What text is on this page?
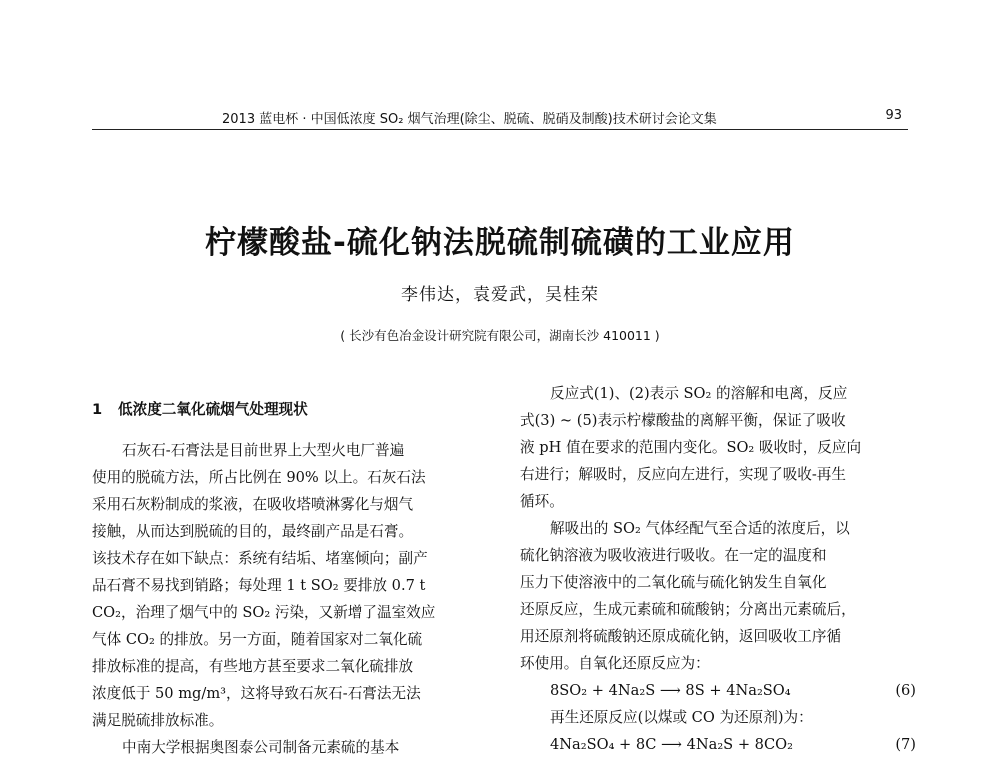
2013 蓝电杯 · 中国低浓度 SO₂ 烟气治理(除尘、脱硫、脱硝及制酸)技术研讨会论文集	93
柠檬酸盐-硫化钠法脱硫制硫磺的工业应用
李伟达，袁爱武，吴桂荣
( 长沙有色冶金设计研究院有限公司，湖南长沙 410011 )
1 低浓度二氧化硫烟气处理现状
石灰石-石膏法是目前世界上大型火电厂普遍
使用的脱硫方法，所占比例在 90% 以上。石灰石法
采用石灰粉制成的浆液，在吸收塔喷淋雾化与烟气
接触，从而达到脱硫的目的，最终副产品是石膏。
该技术存在如下缺点：系统有结垢、堵塞倾向；副产
品石膏不易找到销路；每处理 1 t SO₂ 要排放 0.7 t
CO₂，治理了烟气中的 SO₂ 污染，又新增了温室效应
气体 CO₂ 的排放。另一方面，随着国家对二氧化硫
排放标准的提高，有些地方甚至要求二氧化硫排放
浓度低于 50 mg/m³，这将导致石灰石-石膏法无法
满足脱硫排放标准。
中南大学根据奥图泰公司制备元素硫的基本
反应式(1)、(2)表示 SO₂ 的溶解和电离，反应
式(3) ~ (5)表示柠檬酸盐的离解平衡，保证了吸收
液 pH 值在要求的范围内变化。SO₂ 吸收时，反应向
右进行；解吸时，反应向左进行，实现了吸收-再生
循环。
解吸出的 SO₂ 气体经配气至合适的浓度后，以
硫化钠溶液为吸收液进行吸收。在一定的温度和
压力下使溶液中的二氧化硫与硫化钠发生自氧化
还原反应，生成元素硫和硫酸钠；分离出元素硫后，
用还原剂将硫酸钠还原成硫化钠，返回吸收工序循
环使用。自氧化还原反应为：
8SO₂ + 4Na₂S ⟶ 8S + 4Na₂SO₄	(6)
再生还原反应(以煤或 CO 为还原剂)为：
4Na₂SO₄ + 8C ⟶ 4Na₂S + 8CO₂	(7)
